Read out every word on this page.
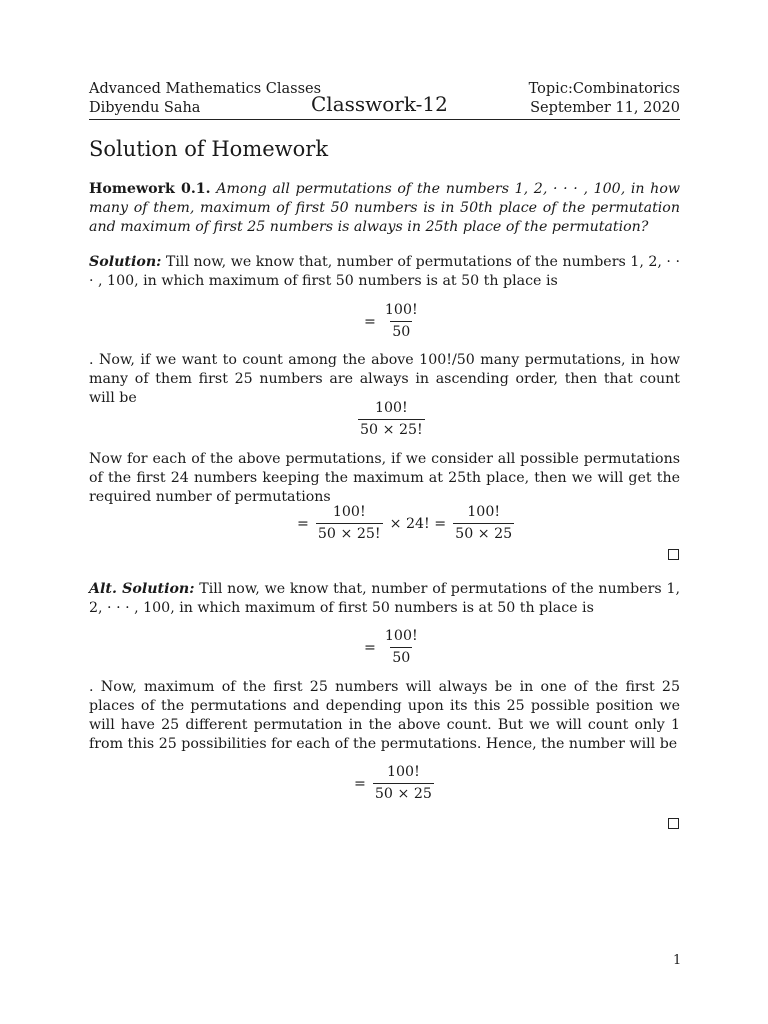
Advanced Mathematics Classes
Dibyendu Saha	Classwork-12
Topic:Combinatorics
September 11, 2020
Solution of Homework
Homework 0.1. Among all permutations of the numbers 1, 2, · · · , 100, in how many of them, maximum of first 50 numbers is in 50th place of the permutation and maximum of first 25 numbers is always in 25th place of the permutation?
Solution: Till now, we know that, number of permutations of the numbers 1, 2, · · · , 100, in which maximum of first 50 numbers is at 50 th place is
= $\frac{100!}{50}$
. Now, if we want to count among the above 100!/50 many permutations, in how many of them first 25 numbers are always in ascending order, then that count will be
$\frac{100!}{50 \times 25!}$
Now for each of the above permutations, if we consider all possible permutations of the first 24 numbers keeping the maximum at 25th place, then we will get the required number of permutations
= $\frac{100!}{50 \times 25!} \times 24$! = $\frac{100!}{50 \times 25}$
Alt. Solution: Till now, we know that, number of permutations of the numbers 1, 2, · · · , 100, in which maximum of first 50 numbers is at 50 th place is
= $\frac{100!}{50}$
. Now, maximum of the first 25 numbers will always be in one of the first 25 places of the permutations and depending upon its this 25 possible position we will have 25 different permutation in the above count. But we will count only 1 from this 25 possibilities for each of the permutations. Hence, the number will be
= $\frac{100!}{50 \times 25}$
1
